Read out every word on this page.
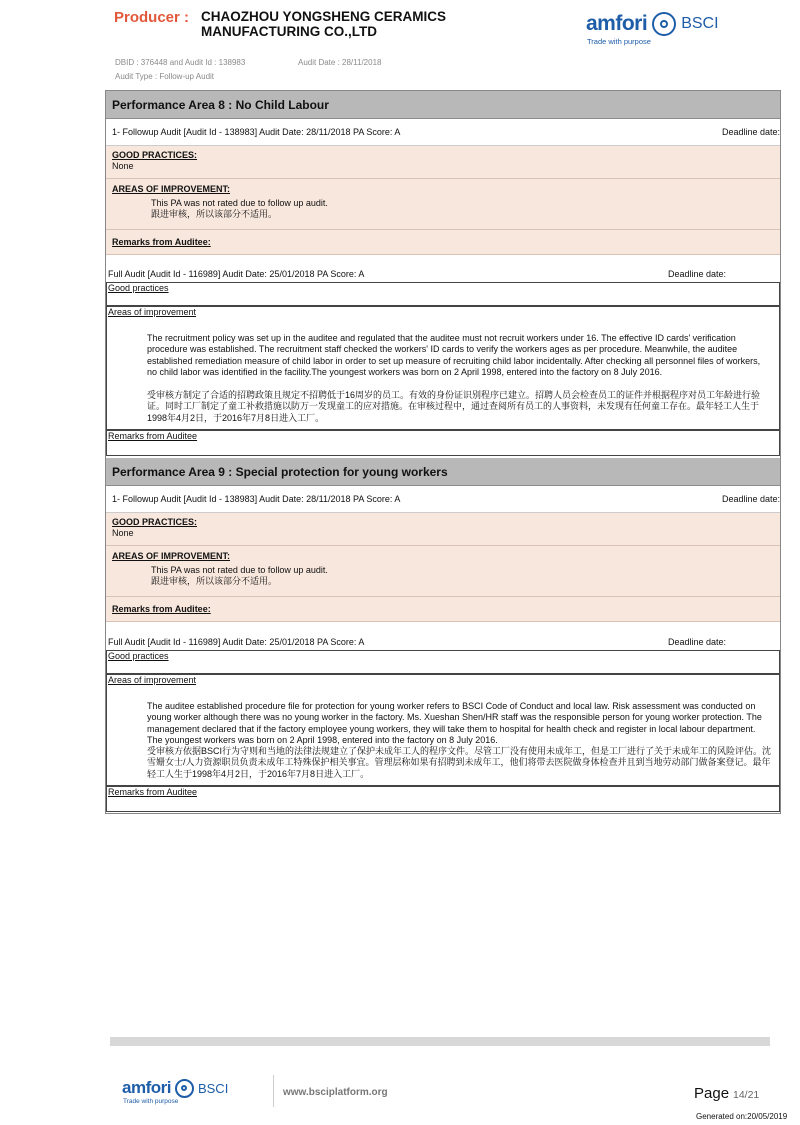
Producer : CHAOZHOU YONGSHENG CERAMICS MANUFACTURING CO.,LTD
DBID : 376448 and Audit Id : 138983	Audit Date : 28/11/2018
Audit Type : Follow-up Audit
amfori
Trade with purpose
BSCI
Performance Area 8 : No Child Labour
1- Followup Audit [Audit Id - 138983] Audit Date: 28/11/2018 PA Score: A	Deadline date:
GOOD PRACTICES:
None
AREAS OF IMPROVEMENT:
This PA was not rated due to follow up audit.
跟进审核，所以该部分不适用。
Remarks from Auditee:
Full Audit [Audit Id - 116989] Audit Date: 25/01/2018 PA Score: A	Deadline date:
Good practices
Areas of improvement
The recruitment policy was set up in the auditee and regulated that the auditee must not recruit workers under 16. The effective ID cards' verification procedure was established. The recruitment staff checked the workers' ID cards to verify the workers ages as per procedure. Meanwhile, the auditee established remediation measure of child labor in order to set up measure of recruiting child labor incidentally. After checking all personnel files of workers, no child labor was identified in the facility.The youngest workers was born on 2 April 1998, entered into the factory on 8 July 2016.
受审核方制定了合适的招聘政策且规定不招聘低于16周岁的员工。有效的身份证识别程序已建立。招聘人员会检查员工的证件并根据程序对员工年龄进行验证。同时工厂制定了童工补救措施以防万一发现童工的应对措施。在审核过程中，通过查阅所有员工的人事资料，未发现有任何童工存在。最年轻工人生于1998年4月2日，于2016年7月8日进入工厂。
Remarks from Auditee
Performance Area 9 : Special protection for young workers
1- Followup Audit [Audit Id - 138983] Audit Date: 28/11/2018 PA Score: A	Deadline date:
GOOD PRACTICES:
None
AREAS OF IMPROVEMENT:
This PA was not rated due to follow up audit.
跟进审核，所以该部分不适用。
Remarks from Auditee:
Full Audit [Audit Id - 116989] Audit Date: 25/01/2018 PA Score: A	Deadline date:
Good practices
Areas of improvement
The auditee established procedure file for protection for young worker refers to BSCI Code of Conduct and local law. Risk assessment was conducted on young worker although there was no young worker in the factory. Ms. Xueshan Shen/HR staff was the responsible person for young worker protection. The management declared that if the factory employee young workers, they will take them to hospital for health check and register in local labour department. The youngest workers was born on 2 April 1998, entered into the factory on 8 July 2016.
受审核方依据BSCI行为守则和当地的法律法规建立了保护未成年工人的程序文件。尽管工厂没有使用未成年工，但是工厂进行了关于未成年工的风险评估。沈雪姗女士/人力资源职员负责未成年工特殊保护相关事宜。管理层称如果有招聘到未成年工，他们将带去医院做身体检查并且到当地劳动部门做备案登记。最年轻工人生于1998年4月2日，于2016年7月8日进入工厂。
Remarks from Auditee
amfori
Trade with purpose
BSCI	www.bsciplatform.org	Page 14/21
Generated on:20/05/2019
